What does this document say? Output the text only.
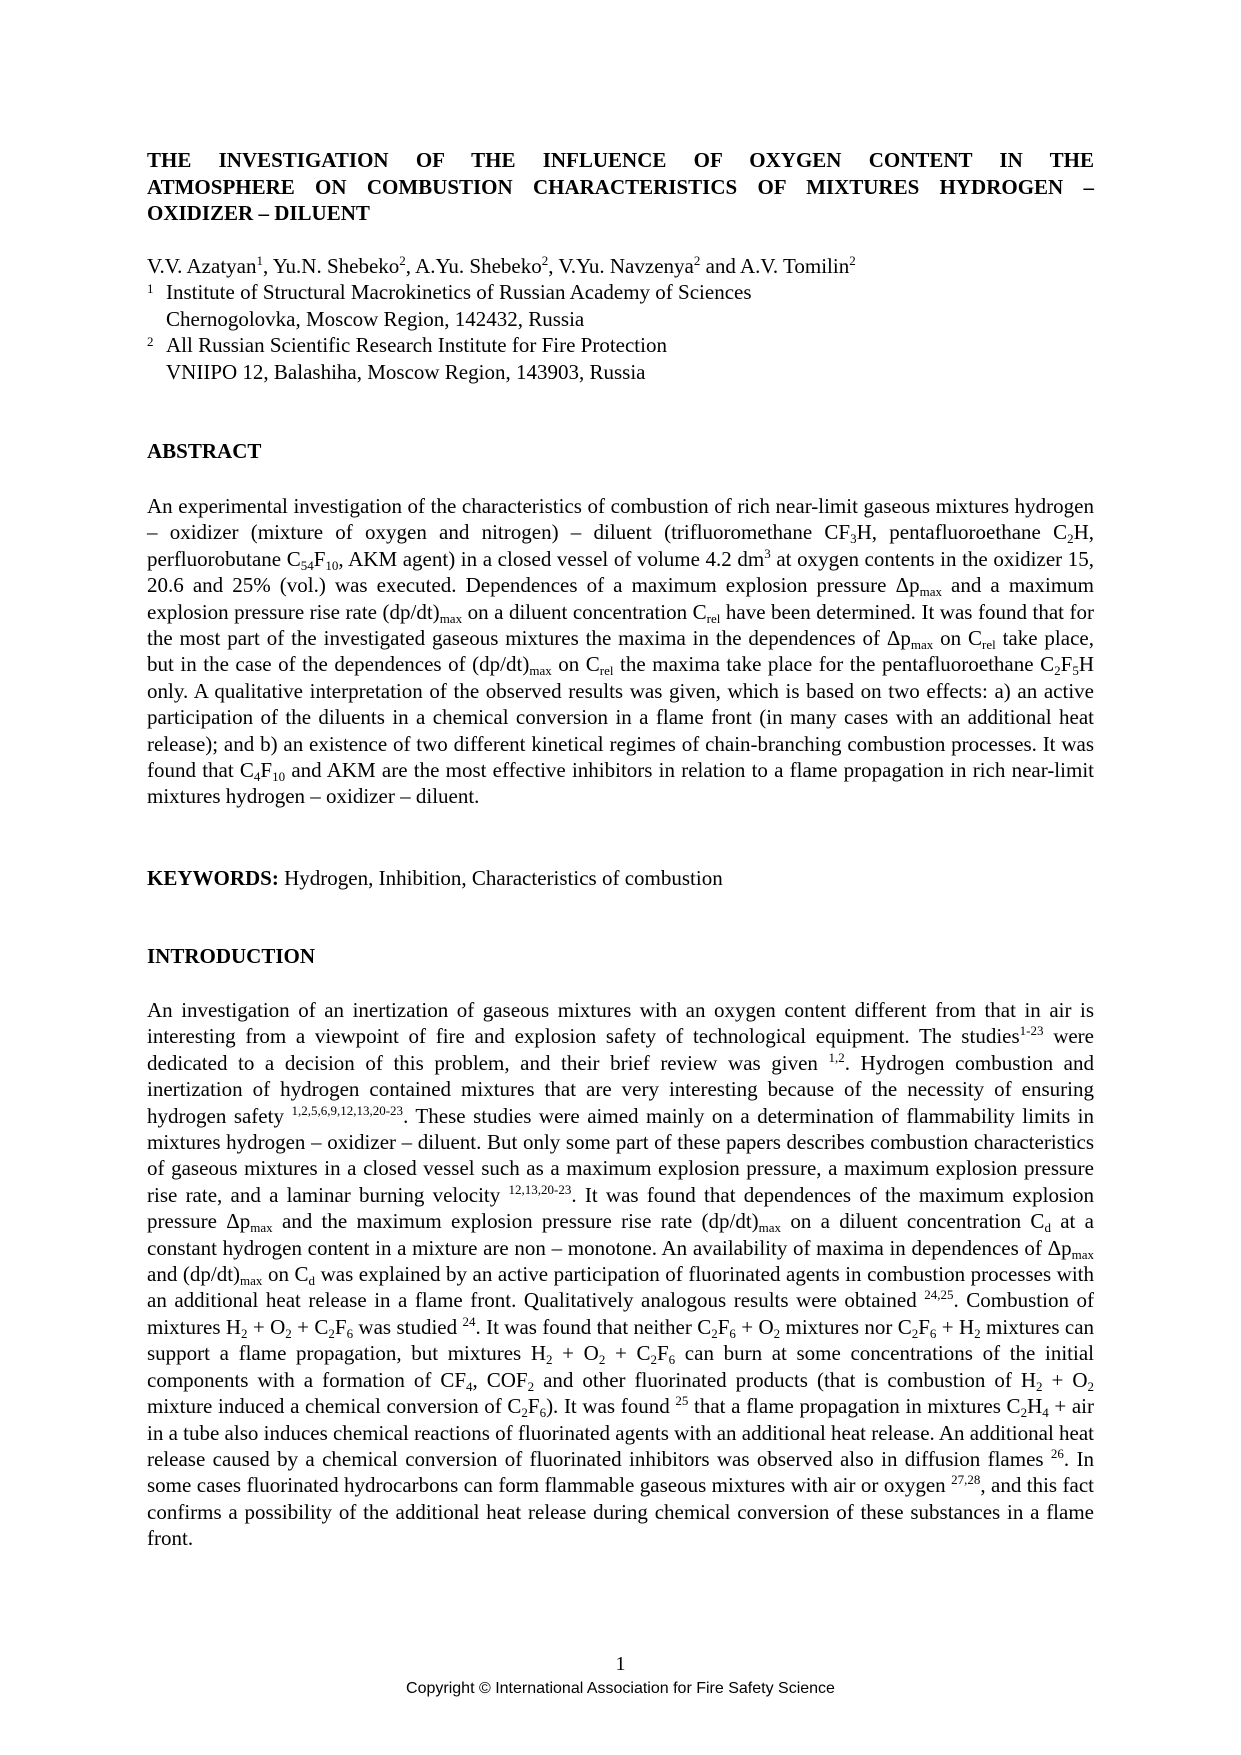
THE INVESTIGATION OF THE INFLUENCE OF OXYGEN CONTENT IN THE
ATMOSPHERE ON COMBUSTION CHARACTERISTICS OF MIXTURES HYDROGEN –
OXIDIZER – DILUENT
V.V. Azatyan$^1$, Yu.N. Shebeko$^2$, A.Yu. Shebeko$^2$, V.Yu. Navzenya$^2$ and A.V. Tomilin$^2$
1 Institute of Structural Macrokinetics of Russian Academy of Sciences
Chernogolovka, Moscow Region, 142432, Russia
2 All Russian Scientific Research Institute for Fire Protection
VNIIPO 12, Balashiha, Moscow Region, 143903, Russia
ABSTRACT

An experimental investigation of the characteristics of combustion of rich near-limit gaseous mixtures hydrogen – oxidizer (mixture of oxygen and nitrogen) – diluent (trifluoromethane $CF_3H$, pentafluoroethane $C_2H$, perfluorobutane $C_{54}F_{10}$, AKM agent) in a closed vessel of volume 4.2 $dm^3$ at oxygen contents in the oxidizer 15, 20.6 and 25% (vol.) was executed. Dependences of a maximum explosion pressure $\Delta p_{max}$ and a maximum explosion pressure rise rate $(dp/dt)_{max}$ on a diluent concentration $C_{rel}$ have been determined. It was found that for the most part of the investigated gaseous mixtures the maxima in the dependences of $\Delta p_{max}$ on $C_{rel}$ take place, but in the case of the dependences of $(dp/dt)_{max}$ on $C_{rel}$ the maxima take place for the pentafluoroethane $C_2F_5H$ only. A qualitative interpretation of the observed results was given, which is based on two effects: a) an active participation of the diluents in a chemical conversion in a flame front (in many cases with an additional heat release); and b) an existence of two different kinetical regimes of chain-branching combustion processes. It was found that $C_4F_{10}$ and AKM are the most effective inhibitors in relation to a flame propagation in rich near-limit mixtures hydrogen – oxidizer – diluent.

KEYWORDS: Hydrogen, Inhibition, Characteristics of combustion
INTRODUCTION

An investigation of an inertization of gaseous mixtures with an oxygen content different from that in air is interesting from a viewpoint of fire and explosion safety of technological equipment. The studies$^{1-23}$ were dedicated to a decision of this problem, and their brief review was given $^{1,2}$. Hydrogen combustion and inertization of hydrogen contained mixtures that are very interesting because of the necessity of ensuring hydrogen safety $^{1,2,5,6,9,12,13,20-23}$. These studies were aimed mainly on a determination of flammability limits in mixtures hydrogen – oxidizer – diluent. But only some part of these papers describes combustion characteristics of gaseous mixtures in a closed vessel such as a maximum explosion pressure, a maximum explosion pressure rise rate, and a laminar burning velocity $^{12,13,20-23}$. It was found that dependences of the maximum explosion pressure $\Delta p_{max}$ and the maximum explosion pressure rise rate $(dp/dt)_{max}$ on a diluent concentration $C_d$ at a constant hydrogen content in a mixture are non – monotone. An availability of maxima in dependences of $\Delta p_{max}$ and $(dp/dt)_{max}$ on $C_d$ was explained by an active participation of fluorinated agents in combustion processes with an additional heat release in a flame front. Qualitatively analogous results were obtained $^{24,25}$. Combustion of mixtures $H_2 + O_2 + C_2F_6$ was studied $^{24}$. It was found that neither $C_2F_6 + O_2$ mixtures nor $C_2F_6 + H_2$ mixtures can support a flame propagation, but mixtures $H_2 + O_2 + C_2F_6$ can burn at some concentrations of the initial components with a formation of $CF_4$, $COF_2$ and other fluorinated products (that is combustion of $H_2 + O_2$ mixture induced a chemical conversion of $C_2F_6$). It was found $^{25}$ that a flame propagation in mixtures $C_2H_4$ + air in a tube also induces chemical reactions of fluorinated agents with an additional heat release. An additional heat release caused by a chemical conversion of fluorinated inhibitors was observed also in diffusion flames $^{26}$. In some cases fluorinated hydrocarbons can form flammable gaseous mixtures with air or oxygen $^{27,28}$, and this fact confirms a possibility of the additional heat release during chemical conversion of these substances in a flame front.

1
Copyright © International Association for Fire Safety Science
